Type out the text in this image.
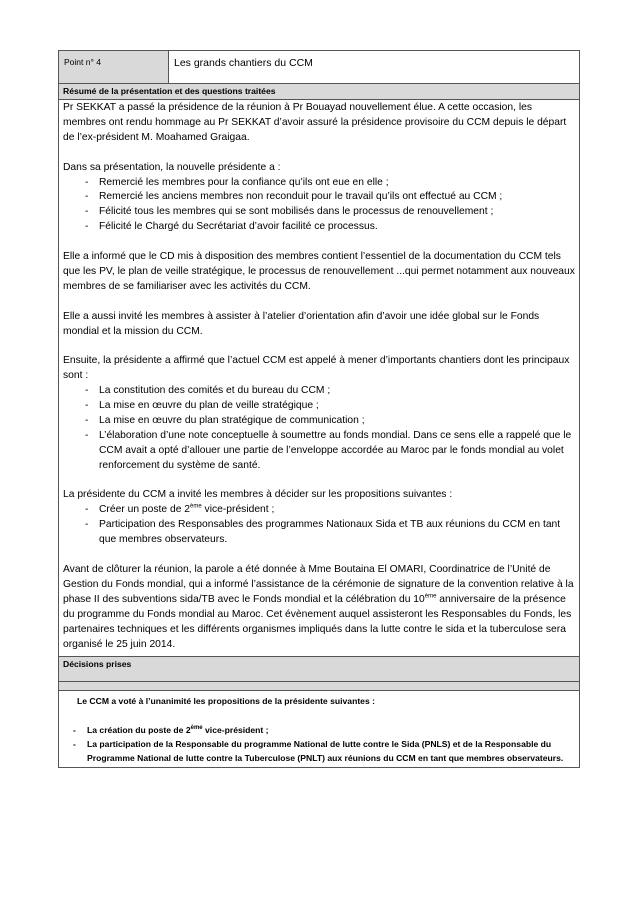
Point n° 4	Les grands chantiers du CCM
Résumé de la présentation et des questions traitées

Pr SEKKAT a passé la présidence de la réunion à Pr Bouayad nouvellement élue. A cette occasion, les membres ont rendu hommage au Pr SEKKAT d’avoir assuré la présidence provisoire du CCM depuis le départ de l’ex-président M. Moahamed Graigaa.

Dans sa présentation, la nouvelle présidente a :
- Remercié les membres pour la confiance qu’ils ont eue en elle ;
- Remercié les anciens membres non reconduit pour le travail qu’ils ont effectué au CCM ;
- Félicité tous les membres qui se sont mobilisés dans le processus de renouvellement ;
- Félicité le Chargé du Secrétariat d’avoir facilité ce processus.

Elle a informé que le CD mis à disposition des membres contient l’essentiel de la documentation du CCM tels que les PV, le plan de veille stratégique, le processus de renouvellement ...qui permet notamment aux nouveaux membres de se familiariser avec les activités du CCM.

Elle a aussi invité les membres à assister à l’atelier d’orientation afin d’avoir une idée global sur le Fonds mondial et la mission du CCM.

Ensuite, la présidente a affirmé que l’actuel CCM est appelé à mener d’importants chantiers dont les principaux sont :
- La constitution des comités et du bureau du CCM ;
- La mise en œuvre du plan de veille stratégique ;
- La mise en œuvre du plan stratégique de communication ;
- L’élaboration d’une note conceptuelle à soumettre au fonds mondial. Dans ce sens elle a rappelé que le CCM avait a opté d’allouer une partie de l’enveloppe accordée au Maroc par le fonds mondial au volet renforcement du système de santé.

La présidente du CCM a invité les membres à décider sur les propositions suivantes :
- Créer un poste de 2ème vice-président ;
- Participation des Responsables des programmes Nationaux Sida et TB aux réunions du CCM en tant que membres observateurs.

Avant de clôturer la réunion, la parole a été donnée à Mme Boutaina El OMARI, Coordinatrice de l’Unité de Gestion du Fonds mondial, qui a informé l’assistance de la cérémonie de signature de la convention relative à la phase II des subventions sida/TB avec le Fonds mondial et la célébration du 10ème anniversaire de la présence du programme du Fonds mondial au Maroc. Cet évènement auquel assisteront les Responsables du Fonds, les partenaires techniques et les différents organismes impliqués dans la lutte contre le sida et la tuberculose sera organisé le 25 juin 2014.

Décisions prises
Le CCM a voté à l’unanimité les propositions de la présidente suivantes :
- La création du poste de 2ème vice-président ;
- La participation de la Responsable du programme National de lutte contre le Sida (PNLS) et de la Responsable du Programme National de lutte contre la Tuberculose (PNLT) aux réunions du CCM en tant que membres observateurs.
